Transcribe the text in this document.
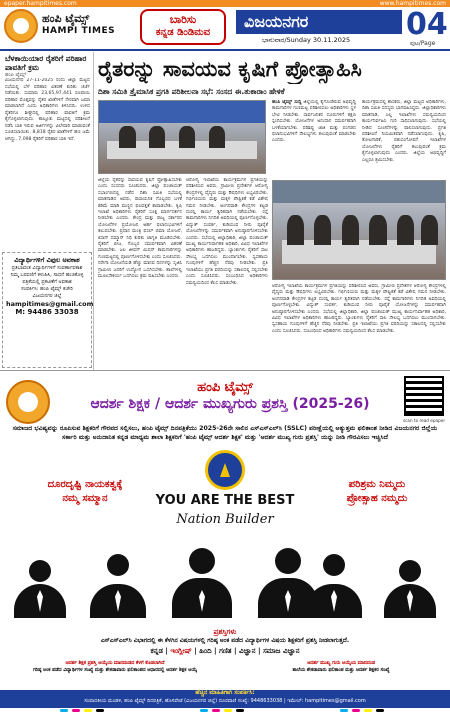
epaper.hampitimes.com	www.hampitimes.com
ಹಂಪಿ ಟೈಮ್ಸ್
HAMPI TIMES
ಬಾರಿಸು
ಕನ್ನಡ ಡಿಂಡಿಮವ
ವಿಜಯನಗರ
ಭಾನುವಾರ/Sunday 30.11.2025 04
ಪುಟ/Page
ಬೆಳಕಾಯಿಯಾರ ರೈತರಿಗೆ ಪರಿಹಾರ ಪಾವತಿಗೆ ಕ್ರಮ
ಹಂಪಿ ಟೈಮ್ಸ್
ವಿಜಯನಗರ 27-11-2025 ರಂದು ಜಿಲ್ಲಾ ಮಟ್ಟದ ಸಭೆಯಲ್ಲಿ ಬೆಳೆ ಪರಿಹಾರ ವಿತರಣೆ ಕುರಿತು ಚರ್ಚೆ ನಡೆಯಿತು. ಸುಮಾರು 23,65,97,441 ರೂಪಾಯಿ ಪರಿಹಾರ ಮೊತ್ತವನ್ನು ರೈತರ ಖಾತೆಗಳಿಗೆ ನೇರವಾಗಿ ಜಮಾ ಮಾಡಲಾಗಿದೆ ಎಂದು ಅಧಿಕಾರಿಗಳು ತಿಳಿಸಿದರು. ಉಳಿದ ರೈತರಿಗೂ ಶೀಘ್ರದಲ್ಲಿ ಪರಿಹಾರ ಪಾವತಿಗೆ ಕ್ರಮ ಕೈಗೊಳ್ಳಲಾಗುವುದು. ತಾಲ್ಲೂಕು ಮಟ್ಟದಲ್ಲಿ ಪರಿಶೀಲನೆ ನಡೆಸಿ ಬಾಕಿ ಇರುವ ಅರ್ಜಿಗಳನ್ನು ವಿಲೇವಾರಿ ಮಾಡುವಂತೆ ಸೂಚಿಸಲಾಯಿತು. 8,818 ರೈತರ ಖಾತೆಗಳಿಗೆ ಹಣ ಜಮೆ ಆಗಿದ್ದು, 7,098 ರೈತರಿಗೆ ಪರಿಹಾರ ಬಾಕಿ ಇದೆ.
ವಿದ್ಯಾರ್ಥಿಗಳಿಗೆ ವಿಫುಲ ಅವಕಾಶ
ಪ್ರತಿಭಾವಂತ ವಿದ್ಯಾರ್ಥಿಗಳಿಗೆ ಸುವರ್ಣಾವಕಾಶ
ನಿಮ್ಮ ಬರವಣಿಗೆ ಕಳುಹಿಸಿ, ಸಾಧನೆ ಹಂಚಿಕೊಳ್ಳಿ
ಪತ್ರಿಕೆಯಲ್ಲಿ ಪ್ರಕಟಣೆಗೆ ಅವಕಾಶ
ಸಂಪರ್ಕಿಸಿ: ಹಂಪಿ ಟೈಮ್ಸ್ ಕಚೇರಿ
ವಿಜಯನಗರ ಜಿಲ್ಲೆ
hampitimes@gmail.com
M: 94486 33038
ರೈತರನ್ನು ಸಾವಯವ ಕೃಷಿಗೆ ಪ್ರೋತ್ಸಾಹಿಸಿ
ದಿಶಾ ಸಮಿತಿ ತ್ರೈಮಾಸಿಕ ಪ್ರಗತಿ ಪರಿಶೀಲನಾ ಸಭೆ: ಸಂಸದ ಈ.ತುಕಾರಾಂ ಹೇಳಿಕೆ
ಹಂಪಿ ಟೈಮ್ಸ್ ಸುದ್ದಿ ಜಿಲ್ಲೆಯಲ್ಲಿ ಕೈಗೊಂಡಿರುವ ಅಭಿವೃದ್ಧಿ ಕಾಮಗಾರಿಗಳ ಗುಣಮಟ್ಟ ಪರಿಶೀಲಿಸಲು ಅಧಿಕಾರಿಗಳು ಸ್ಥಳ ಭೇಟಿ ನೀಡಬೇಕು. ಸಾರ್ವಜನಿಕರ ದೂರುಗಳಿಗೆ ತಕ್ಷಣ ಸ್ಪಂದಿಸಬೇಕು. ಯೋಜನೆಗಳ ಅನುದಾನ ಸಮರ್ಪಕವಾಗಿ ಬಳಕೆಯಾಗಬೇಕು. ಪರಿಶಿಷ್ಟ ಜಾತಿ ಮತ್ತು ಪಂಗಡದ ಫಲಾನುಭವಿಗಳಿಗೆ ಸೌಲಭ್ಯಗಳು ತಲುಪುವಂತೆ ಮಾಡಬೇಕು ಎಂದರು.
ಕಾರ್ಯಕ್ರಮದಲ್ಲಿ ಶಾಸಕರು, ಜಿಲ್ಲಾ ಮಟ್ಟದ ಅಧಿಕಾರಿಗಳು, ದಿಶಾ ಸಮಿತಿ ಸದಸ್ಯರು ಭಾಗವಹಿಸಿದ್ದರು. ಜಿಲ್ಲಾಧಿಕಾರಿಗಳು ಮಾತನಾಡಿ, ಎಲ್ಲ ಇಲಾಖೆಗಳು ಸಮನ್ವಯದಿಂದ ಕಾರ್ಯನಿರ್ವಹಿಸಿ ಗುರಿ ಸಾಧಿಸಲಾಗುವುದು. ಸಭೆಯಲ್ಲಿ ನೀಡಿದ ಸೂಚನೆಗಳನ್ನು ಪಾಲಿಸಲಾಗುವುದು. ಪ್ರಗತಿ ಪರಿಶೀಲನೆ ನಿಯಮಿತವಾಗಿ ನಡೆಸಲಾಗುವುದು. ಕೃಷಿ, ತೋಟಗಾರಿಕೆ, ಪಶುಸಂಗೋಪನೆ ಇಲಾಖೆಗಳ ಯೋಜನೆಗಳು ರೈತರಿಗೆ ತಲುಪುವಂತೆ ಕ್ರಮ ಕೈಗೊಳ್ಳಲಾಗುವುದು ಎಂದರು. ಜಿಲ್ಲೆಯ ಅಭಿವೃದ್ಧಿಗೆ ಎಲ್ಲರೂ ಶ್ರಮಿಸಬೇಕು.
ಜಿಲ್ಲೆಯ ರೈತರನ್ನು ಸಾವಯವ ಕೃಷಿಗೆ ಪ್ರೋತ್ಸಾಹಿಸಬೇಕು ಎಂದು ಸಂಸದರು ಸೂಚಿಸಿದರು. ಜಿಲ್ಲಾ ಪಂಚಾಯತ್ ಸಭಾಂಗಣದಲ್ಲಿ ನಡೆದ ದಿಶಾ ಸಮಿತಿ ಸಭೆಯಲ್ಲಿ ಮಾತನಾಡಿದ ಅವರು, ರಾಸಾಯನಿಕ ಗೊಬ್ಬರದ ಬಳಕೆ ಕಡಿಮೆ ಮಾಡಿ ಮಣ್ಣಿನ ಫಲವತ್ತತೆ ಕಾಪಾಡಬೇಕು. ಕೃಷಿ ಇಲಾಖೆ ಅಧಿಕಾರಿಗಳು ರೈತರಿಗೆ ಸೂಕ್ತ ಮಾರ್ಗದರ್ಶನ ನೀಡಬೇಕು ಎಂದರು. ಕೇಂದ್ರ ಮತ್ತು ರಾಜ್ಯ ಸರ್ಕಾರದ ಯೋಜನೆಗಳ ಪ್ರಯೋಜನ ಅರ್ಹ ಫಲಾನುಭವಿಗಳಿಗೆ ತಲುಪಬೇಕು. ಪ್ರಧಾನ ಮಂತ್ರಿ ಫಸಲ್ ಬಿಮಾ ಯೋಜನೆ, ಕಿಸಾನ್ ಸಮ್ಮಾನ್ ನಿಧಿ ಕುರಿತು ಜಾಗೃತಿ ಮೂಡಿಸಬೇಕು. ರೈತರಿಗೆ ಬೀಜ, ಗೊಬ್ಬರ ಸಮರ್ಪಕವಾಗಿ ವಿತರಣೆ ಮಾಡಬೇಕು. ಜಲ ಜೀವನ್ ಮಿಷನ್ ಕಾಮಗಾರಿಗಳನ್ನು ಗುಣಮಟ್ಟದಲ್ಲಿ ಪೂರ್ಣಗೊಳಿಸಬೇಕು ಎಂದು ಸೂಚಿಸಿದರು. ನರೇಗಾ ಯೋಜನೆಯಡಿ ಹೆಚ್ಚು ಮಾನವ ದಿನಗಳನ್ನು ಸೃಜಿಸಿ ಗ್ರಾಮೀಣ ಜನರಿಗೆ ಉದ್ಯೋಗ ಒದಗಿಸಬೇಕು. ಶಾಲೆಗಳಲ್ಲಿ ಮೂಲಸೌಕರ್ಯ ಒದಗಿಸಲು ಕ್ರಮ ವಹಿಸಬೇಕು ಎಂದರು.
ಆರೋಗ್ಯ ಇಲಾಖೆಯ ಕಾರ್ಯಕ್ರಮಗಳ ಪ್ರಗತಿಯನ್ನು ಪರಿಶೀಲಿಸಿದ ಅವರು, ಗ್ರಾಮೀಣ ಪ್ರದೇಶಗಳ ಆರೋಗ್ಯ ಕೇಂದ್ರಗಳಲ್ಲಿ ವೈದ್ಯರು ಮತ್ತು ಔಷಧಿಗಳು ಲಭ್ಯವಿರಬೇಕು. ಗರ್ಭಿಣಿಯರು ಮತ್ತು ಮಕ್ಕಳ ಪೌಷ್ಟಿಕತೆ ಕಡೆ ವಿಶೇಷ ಗಮನ ನೀಡಬೇಕು. ಅಂಗನವಾಡಿ ಕೇಂದ್ರಗಳ ಕಟ್ಟಡ ದುರಸ್ತಿ ಕಾರ್ಯ ತ್ವರಿತವಾಗಿ ನಡೆಯಬೇಕು. ರಸ್ತೆ ಕಾಮಗಾರಿಗಳು ನಿಗದಿತ ಅವಧಿಯಲ್ಲಿ ಪೂರ್ಣಗೊಳ್ಳಬೇಕು. ವಿದ್ಯುತ್ ಸಂಪರ್ಕ, ಕುಡಿಯುವ ನೀರು ಪೂರೈಕೆ ಯೋಜನೆಗಳನ್ನು ಸಮರ್ಪಕವಾಗಿ ಅನುಷ್ಠಾನಗೊಳಿಸಬೇಕು ಎಂದರು. ಸಭೆಯಲ್ಲಿ ಜಿಲ್ಲಾಧಿಕಾರಿ, ಜಿಲ್ಲಾ ಪಂಚಾಯತ್ ಮುಖ್ಯ ಕಾರ್ಯನಿರ್ವಾಹಕ ಅಧಿಕಾರಿ, ವಿವಿಧ ಇಲಾಖೆಗಳ ಅಧಿಕಾರಿಗಳು ಹಾಜರಿದ್ದರು. ಬ್ಯಾಂಕುಗಳು ರೈತರಿಗೆ ಸಾಲ ಸೌಲಭ್ಯ ಒದಗಿಸಲು ಮುಂದಾಗಬೇಕು. ಸ್ವಸಹಾಯ ಗುಂಪುಗಳಿಗೆ ಹೆಚ್ಚಿನ ನೆರವು ನೀಡಬೇಕು. ಪ್ರತಿ ಇಲಾಖೆಯು ಪ್ರಗತಿ ವರದಿಯನ್ನು ಸಕಾಲದಲ್ಲಿ ಸಲ್ಲಿಸಬೇಕು ಎಂದು ಸೂಚಿಸಿದರು. ಸಂಬಂಧಿಸಿದ ಅಧಿಕಾರಿಗಳು ಸಮನ್ವಯದಿಂದ ಕೆಲಸ ಮಾಡಬೇಕು.
ಆರೋಗ್ಯ ಇಲಾಖೆಯ ಕಾರ್ಯಕ್ರಮಗಳ ಪ್ರಗತಿಯನ್ನು ಪರಿಶೀಲಿಸಿದ ಅವರು, ಗ್ರಾಮೀಣ ಪ್ರದೇಶಗಳ ಆರೋಗ್ಯ ಕೇಂದ್ರಗಳಲ್ಲಿ ವೈದ್ಯರು ಮತ್ತು ಔಷಧಿಗಳು ಲಭ್ಯವಿರಬೇಕು. ಗರ್ಭಿಣಿಯರು ಮತ್ತು ಮಕ್ಕಳ ಪೌಷ್ಟಿಕತೆ ಕಡೆ ವಿಶೇಷ ಗಮನ ನೀಡಬೇಕು. ಅಂಗನವಾಡಿ ಕೇಂದ್ರಗಳ ಕಟ್ಟಡ ದುರಸ್ತಿ ಕಾರ್ಯ ತ್ವರಿತವಾಗಿ ನಡೆಯಬೇಕು. ರಸ್ತೆ ಕಾಮಗಾರಿಗಳು ನಿಗದಿತ ಅವಧಿಯಲ್ಲಿ ಪೂರ್ಣಗೊಳ್ಳಬೇಕು. ವಿದ್ಯುತ್ ಸಂಪರ್ಕ, ಕುಡಿಯುವ ನೀರು ಪೂರೈಕೆ ಯೋಜನೆಗಳನ್ನು ಸಮರ್ಪಕವಾಗಿ ಅನುಷ್ಠಾನಗೊಳಿಸಬೇಕು ಎಂದರು. ಸಭೆಯಲ್ಲಿ ಜಿಲ್ಲಾಧಿಕಾರಿ, ಜಿಲ್ಲಾ ಪಂಚಾಯತ್ ಮುಖ್ಯ ಕಾರ್ಯನಿರ್ವಾಹಕ ಅಧಿಕಾರಿ, ವಿವಿಧ ಇಲಾಖೆಗಳ ಅಧಿಕಾರಿಗಳು ಹಾಜರಿದ್ದರು. ಬ್ಯಾಂಕುಗಳು ರೈತರಿಗೆ ಸಾಲ ಸೌಲಭ್ಯ ಒದಗಿಸಲು ಮುಂದಾಗಬೇಕು. ಸ್ವಸಹಾಯ ಗುಂಪುಗಳಿಗೆ ಹೆಚ್ಚಿನ ನೆರವು ನೀಡಬೇಕು. ಪ್ರತಿ ಇಲಾಖೆಯು ಪ್ರಗತಿ ವರದಿಯನ್ನು ಸಕಾಲದಲ್ಲಿ ಸಲ್ಲಿಸಬೇಕು ಎಂದು ಸೂಚಿಸಿದರು. ಸಂಬಂಧಿಸಿದ ಅಧಿಕಾರಿಗಳು ಸಮನ್ವಯದಿಂದ ಕೆಲಸ ಮಾಡಬೇಕು.
ಹಂಪಿ ಟೈಮ್ಸ್
ಆದರ್ಶ ಶಿಕ್ಷಕ / ಆದರ್ಶ ಮುಖ್ಯಗುರು ಪ್ರಶಸ್ತಿ (2025-26)
scan to read epaper
ಸಮಾಜದ ಭವಿಷ್ಯವನ್ನು ರೂಪಿಸುವ ಶಿಕ್ಷಕರಿಗೆ ಗೌರವದ ಸಲ್ಲಿಸಲು, ಹಂಪಿ ಟೈಮ್ಸ್ ದಿನಪತ್ರಿಕೆಯು 2025-26ನೇ ಸಾಲಿನ ಎಸ್ಎಸ್ಎಲ್‌ಸಿ (SSLC) ಪರೀಕ್ಷೆಯಲ್ಲಿ ಅತ್ಯುತ್ತಮ ಫಲಿತಾಂಶ ನೀಡಿದ ವಿಜಯನಗರ ಜಿಲ್ಲೆಯ ಸರ್ಕಾರಿ ಮತ್ತು ಅನುದಾನಿತ ಕನ್ನಡ ಮಾಧ್ಯಮ ಶಾಲಾ ಶಿಕ್ಷಕರಿಗೆ 'ಹಂಪಿ ಟೈಮ್ಸ್ ಆದರ್ಶ ಶಿಕ್ಷಕ' ಮತ್ತು 'ಆದರ್ಶ ಮುಖ್ಯ ಗುರು ಪ್ರಶಸ್ತಿ' ಯನ್ನು ನೀಡಿ ಗೌರವಿಸಲು ಇಚ್ಚಿಸಿದೆ
ದೂರದೃಷ್ಟಿ ನಾಯಕತ್ವಕ್ಕೆ
ನಮ್ಮ ಸಮ್ಮಾನ
ಪರಿಶ್ರಮ ನಿಮ್ಮದು
ಪ್ರೋತ್ಸಾಹ ನಮ್ಮದು
YOU ARE THE BEST
Nation Builder
ಪ್ರಶಸ್ತಿಗಳು
ಎಸ್ಎಸ್ಎಲ್‌ಸಿ ವಿಭಾಗದಲ್ಲಿ ಈ ಕೆಳಗಿನ ವಿಷಯಗಳಲ್ಲಿ ಗರಿಷ್ಠ ಅಂಕ ಪಡೆದ ವಿದ್ಯಾರ್ಥಿಗಳ ವಿಷಯ ಶಿಕ್ಷಕರಿಗೆ ಪ್ರಶಸ್ತಿ ನೀಡಲಾಗುತ್ತದೆ.
ಕನ್ನಡ | ಇಂಗ್ಲೀಷ್ | ಹಿಂದಿ | ಗಣಿತ | ವಿಜ್ಞಾನ | ಸಮಾಜ ವಿಜ್ಞಾನ
ಆದರ್ಶ ಶಿಕ್ಷಕ ಪ್ರಶಸ್ತಿ ಆಯ್ಕೆಯ ಮಾನದಂಡದ ಕೆಳಗೆ ಕೊಡಲಾಗಿದೆ
ಗರಿಷ್ಠ ಅಂಕ ಪಡೆದ ವಿದ್ಯಾರ್ಥಿಗಳ ಸಂಖ್ಯೆ ಮತ್ತು ಶೇಕಡಾವಾರು ಫಲಿತಾಂಶದ ಆಧಾರದಲ್ಲಿ ಆದರ್ಶ ಶಿಕ್ಷಕ ಆಯ್ಕೆ
ಆದರ್ಶ ಮುಖ್ಯ ಗುರು ಆಯ್ಕೆಯ ಮಾನದಂಡ
ಶಾಲೆಯ ಶೇಕಡಾವಾರು ಫಲಿತಾಂಶ ಮತ್ತು ಆದರ್ಶ ಶಿಕ್ಷಕರ ಸಂಖ್ಯೆ
ಹೆಚ್ಚಿನ ಮಾಹಿತಿಗಾಗಿ ಸಂಪರ್ಕಿಸಿ:
ಸಂಪಾದಕೀಯ ಮಂಡಳಿ, ಹಂಪಿ ಟೈಮ್ಸ್ ದಿನಪತ್ರಿಕೆ, ಹೊಸಪೇಟೆ (ವಿಜಯನಗರ ಜಿಲ್ಲೆ) ದೂರವಾಣಿ ಸಂಖ್ಯೆ: 9448633038 | ಇಮೇಲ್: hampitimes@gmail.com
